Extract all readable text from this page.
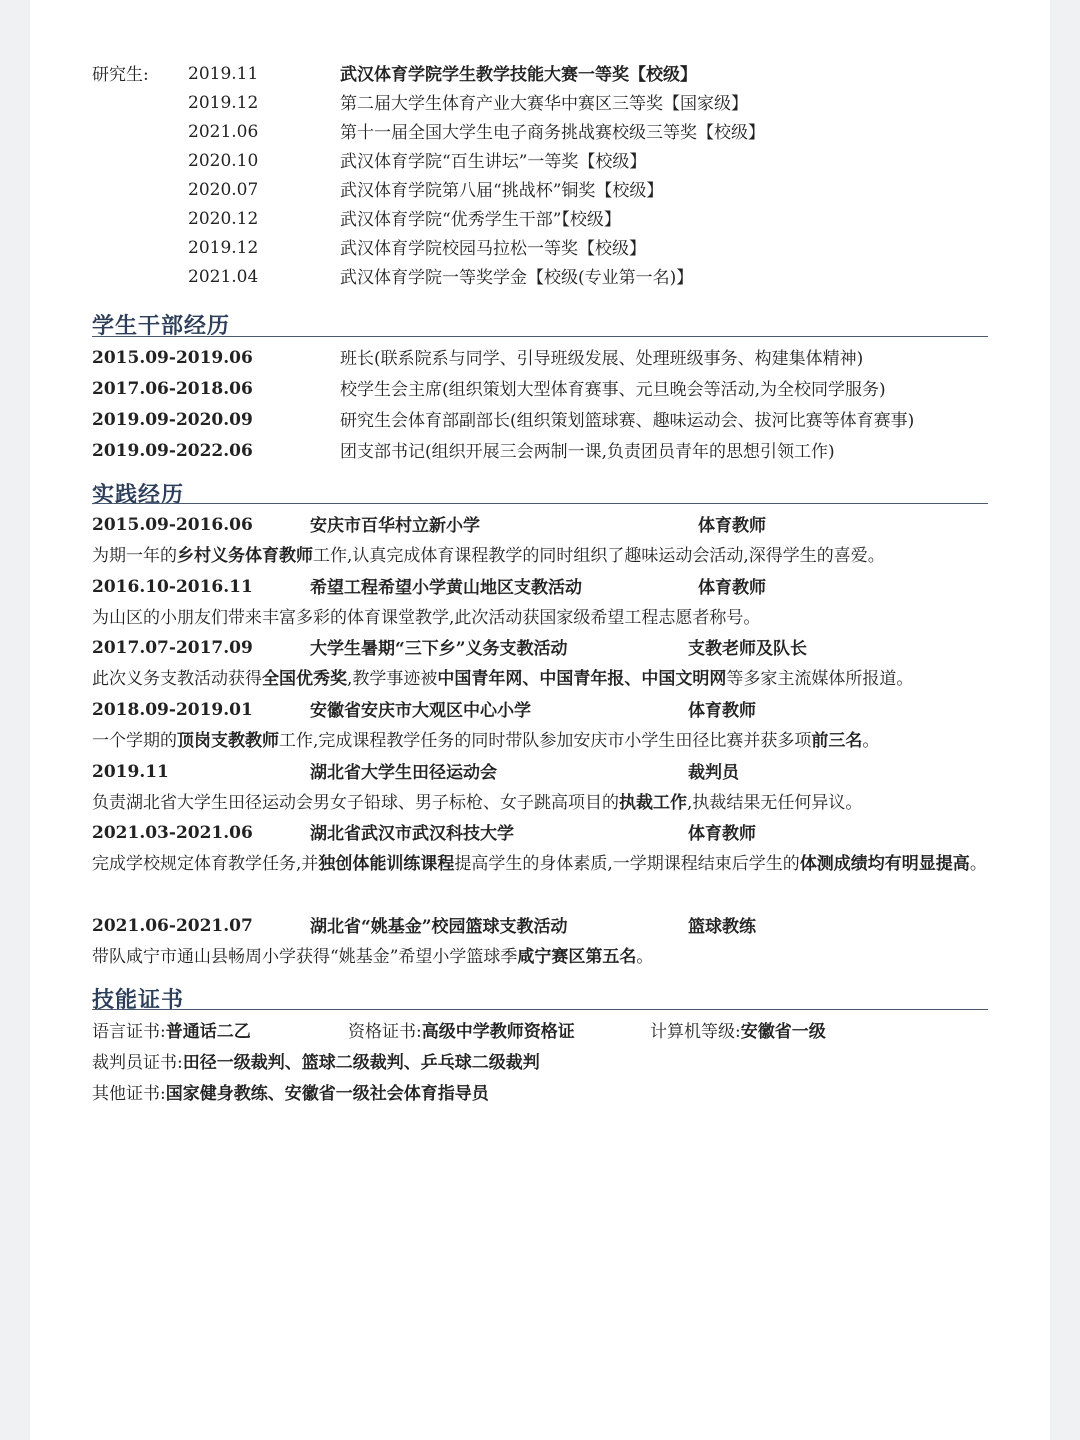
研究生: 2019.11	武汉体育学院学生教学技能大赛一等奖【校级】
2019.12	第二届大学生体育产业大赛华中赛区三等奖【国家级】
2021.06	第十一届全国大学生电子商务挑战赛校级三等奖【校级】
2020.10	武汉体育学院“百生讲坛”一等奖【校级】
2020.07	武汉体育学院第八届“挑战杯”铜奖【校级】
2020.12	武汉体育学院“优秀学生干部”【校级】
2019.12	武汉体育学院校园马拉松一等奖【校级】
2021.04	武汉体育学院一等奖学金【校级(专业第一名)】
学生干部经历
2015.09-2019.06	班长(联系院系与同学、引导班级发展、处理班级事务、构建集体精神)
2017.06-2018.06	校学生会主席(组织策划大型体育赛事、元旦晚会等活动,为全校同学服务)
2019.09-2020.09	研究生会体育部副部长(组织策划篮球赛、趣味运动会、拔河比赛等体育赛事)
2019.09-2022.06	团支部书记(组织开展三会两制一课,负责团员青年的思想引领工作)
实践经历
2015.09-2016.06	安庆市百华村立新小学	体育教师
为期一年的乡村义务体育教师工作,认真完成体育课程教学的同时组织了趣味运动会活动,深得学生的喜爱。
2016.10-2016.11	希望工程希望小学黄山地区支教活动	体育教师
为山区的小朋友们带来丰富多彩的体育课堂教学,此次活动获国家级希望工程志愿者称号。
2017.07-2017.09	大学生暑期“三下乡”义务支教活动	支教老师及队长
此次义务支教活动获得全国优秀奖,教学事迹被中国青年网、中国青年报、中国文明网等多家主流媒体所报道。
2018.09-2019.01	安徽省安庆市大观区中心小学	体育教师
一个学期的顶岗支教教师工作,完成课程教学任务的同时带队参加安庆市小学生田径比赛并获多项前三名。
2019.11	湖北省大学生田径运动会	裁判员
负责湖北省大学生田径运动会男女子铅球、男子标枪、女子跳高项目的执裁工作,执裁结果无任何异议。
2021.03-2021.06	湖北省武汉市武汉科技大学	体育教师
完成学校规定体育教学任务,并独创体能训练课程提高学生的身体素质,一学期课程结束后学生的体测成绩均有明显提高。
2021.06-2021.07	湖北省“姚基金”校园篮球支教活动	篮球教练
带队咸宁市通山县畅周小学获得“姚基金”希望小学篮球季咸宁赛区第五名。
技能证书
语言证书:普通话二乙	资格证书:高级中学教师资格证	计算机等级:安徽省一级
裁判员证书:田径一级裁判、篮球二级裁判、乒乓球二级裁判
其他证书:国家健身教练、安徽省一级社会体育指导员
